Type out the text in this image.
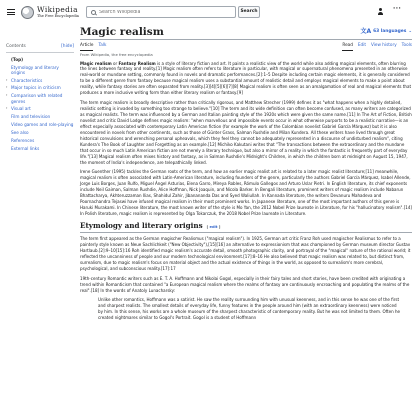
Wikipedia
The Free Encyclopedia
Search Wikipedia
Search	···
Contents	[hide]
(Top)
Etymology and literary origins
› Characteristics
› Major topics in criticism
› Comparison with related genres
› Visual art
Film and television
Video games and role-playing
See also
References
External links
Magic realism	文A 63 languages ⌄
Article Talk	Read Edit View history Tools
From Wikipedia, the free encyclopedia

Magic realism or Fantasy Realism is a style of literary fiction and art. It paints a realistic view of the world while also adding magical elements, often blurring the lines between fantasy and reality.[1] Magic realism often refers to literature in particular, with magical or supernatural phenomena presented in an otherwise real-world or mundane setting, commonly found in novels and dramatic performances.[2]:1–5 Despite including certain magic elements, it is generally considered to be a different genre from fantasy because magical realism uses a substantial amount of realistic detail and employs magical elements to make a point about reality, while fantasy stories are often separated from reality.[3][4][5][6][7][8] Magical realism is often seen as an amalgamation of real and magical elements that produces a more inclusive writing form than either literary realism or fantasy.[9]

The term magic realism is broadly descriptive rather than critically rigorous, and Matthew Strecher (1999) defines it as "what happens when a highly detailed, realistic setting is invaded by something too strange to believe."[10] The term and its wide definition can often become confused, as many writers are categorized as magical realists. The term was influenced by a German and Italian painting style of the 1920s which were given the same name.[11] In The Art of Fiction, British novelist and critic David Lodge defines magic realism: "when marvellous and impossible events occur in what otherwise purports to be a realistic narrative—is an effect especially associated with contemporary Latin American fiction (for example the work of the Colombian novelist Gabriel García Márquez) but it is also encountered in novels from other continents, such as those of Günter Grass, Salman Rushdie and Milan Kundera. All these writers have lived through great historical convulsions and wrenching personal upheavals, which they feel they cannot be adequately represented in a discourse of undisturbed realism", citing Kundera's The Book of Laughter and Forgetting as an example.[12] Michiko Kakutani writes that "The transactions between the extraordinary and the mundane that occur in so much Latin American fiction are not merely a literary technique, but also a mirror of a reality in which the fantastic is frequently part of everyday life."[13] Magical realism often mixes history and fantasy, as in Salman Rushdie's Midnight's Children, in which the children born at midnight on August 15, 1947, the moment of India's independence, are telepathically linked.

Irene Guenther (1995) tackles the German roots of the term, and how an earlier magic realist art is related to a later magic realist literature;[11] meanwhile, magical realism is often associated with Latin-American literature, including founders of the genre, particularly the authors Gabriel García Márquez, Isabel Allende, Jorge Luis Borges, Juan Rulfo, Miguel Ángel Asturias, Elena Garro, Mireya Robles, Rómulo Gallegos and Arturo Uslar Pietri. In English literature, its chief exponents include Neil Gaiman, Salman Rushdie, Alice Hoffman, Nick Joaquin, and Nicola Barker. In Bengali literature, prominent writers of magic realism include Nabarun Bhattacharya, Akhteruzzaman Ilias, Shahidul Zahir, Jibanananda Das and Syed Waliullah. In Kannada literature, the writers Devanuru Mahadeva and Poornachandra Tejaswi have infused magical realism in their most prominent works. In Japanese literature, one of the most important authors of this genre is Haruki Murakami. In Chinese literature, the most known writer of the style is Mo Yan, the 2012 Nobel Prize laureate in Literature, for his "hallucinatory realism".[14] In Polish literature, magic realism is represented by Olga Tokarczuk, the 2018 Nobel Prize laureate in Literature.

Etymology and literary origins [ edit ]

The term first appeared as the German magischer Realismus ("magical realism"). In 1925, German art critic Franz Roh used magischer Realismus to refer to a painterly style known as Neue Sachlichkeit ("New Objectivity"),[15][16] an alternative to expressionism that was championed by German museum director Gustav Hartlaub.[2]:9–10[15]:16 Roh identified magic realism's accurate detail, smooth photographic clarity, and portrayal of the "magical" nature of the rational world; it reflected the uncanniness of people and our modern technological environment.[17]:8–16 He also believed that magic realism was related to, but distinct from, surrealism, due to magic realism's focus on material object and the actual existence of things in the world, as opposed to surrealism's more cerebral, psychological, and subconscious reality.[17]:17

19th-century Romantic writers such as E. T. A. Hoffmann and Nikolai Gogol, especially in their fairy tales and short stories, have been credited with originating a trend within Romanticism that contained "a European magical realism where the realms of fantasy are continuously encroaching and populating the realms of the real".[18] In the words of Anatoly Lunacharsky:

Unlike other romantics, Hoffmann was a satirist. He saw the reality surrounding him with unusual keenness, and in this sense he was one of the first and sharpest realists. The smallest details of everyday life, funny features in the people around him (with an extraordinary keenness) were noticed by him. In this sense, his works are a whole museum of the sharpest characteristic of contemporary reality. But he was not limited to them. Often he created nightmares similar to Gogol's Portrait. Gogol is a student of Hoffmann
